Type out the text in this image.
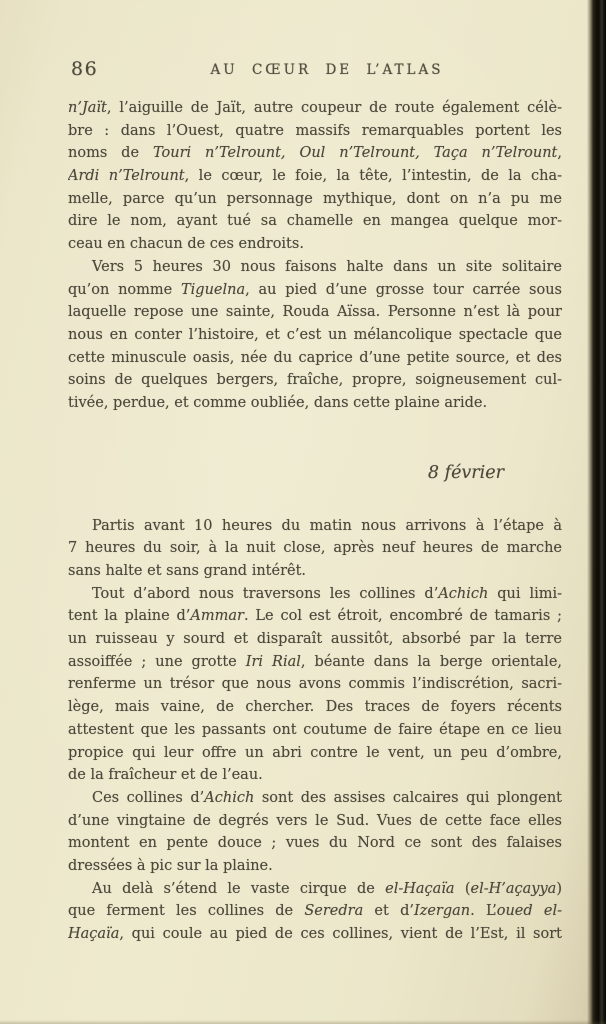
86	AU CŒUR DE L’ATLAS
n’Jaït, l’aiguille de Jaït, autre coupeur de route également célè-
bre : dans l’Ouest, quatre massifs remarquables portent les
noms de Touri n’Telrount, Oul n’Telrount, Taça n’Telrount,
Ardi n’Telrount, le cœur, le foie, la tête, l’intestin, de la cha-
melle, parce qu’un personnage mythique, dont on n’a pu me
dire le nom, ayant tué sa chamelle en mangea quelque mor-
ceau en chacun de ces endroits.
Vers 5 heures 30 nous faisons halte dans un site solitaire
qu’on nomme Tiguelna, au pied d’une grosse tour carrée sous
laquelle repose une sainte, Rouda Aïssa. Personne n’est là pour
nous en conter l’histoire, et c’est un mélancolique spectacle que
cette minuscule oasis, née du caprice d’une petite source, et des
soins de quelques bergers, fraîche, propre, soigneusement cul-
tivée, perdue, et comme oubliée, dans cette plaine aride.
8 février
Partis avant 10 heures du matin nous arrivons à l’étape à
7 heures du soir, à la nuit close, après neuf heures de marche
sans halte et sans grand intérêt.
Tout d’abord nous traversons les collines d’Achich qui limi-
tent la plaine d’Ammar. Le col est étroit, encombré de tamaris ;
un ruisseau y sourd et disparaît aussitôt, absorbé par la terre
assoiffée ; une grotte Iri Rial, béante dans la berge orientale,
renferme un trésor que nous avons commis l’indiscrétion, sacri-
lège, mais vaine, de chercher. Des traces de foyers récents
attestent que les passants ont coutume de faire étape en ce lieu
propice qui leur offre un abri contre le vent, un peu d’ombre,
de la fraîcheur et de l’eau.
Ces collines d’Achich sont des assises calcaires qui plongent
d’une vingtaine de degrés vers le Sud. Vues de cette face elles
montent en pente douce ; vues du Nord ce sont des falaises
dressées à pic sur la plaine.
Au delà s’étend le vaste cirque de el-Haçaïa (el-H’açayya)
que ferment les collines de Seredra et d’Izergan. L’oued el-
Haçaïa, qui coule au pied de ces collines, vient de l’Est, il sort
